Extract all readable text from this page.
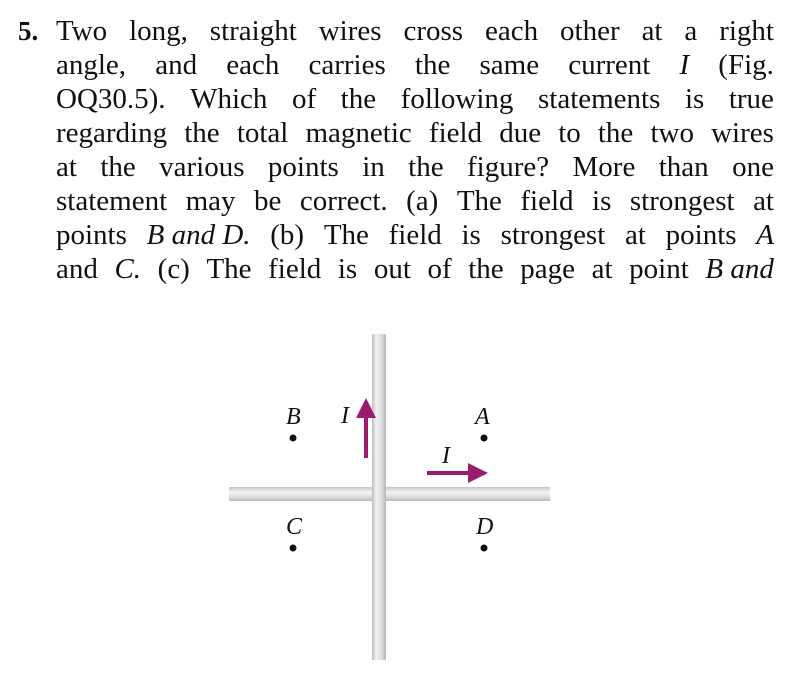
5. Two long, straight wires cross each other at a right
angle, and each carries the same current I (Fig.
OQ30.5). Which of the following statements is true
regarding the total magnetic field due to the two wires
at the various points in the figure? More than one
statement may be correct. (a) The field is strongest at
points B and D. (b) The field is strongest at points A
and C. (c) The field is out of the page at point B and
B	A
C	D
I
I
